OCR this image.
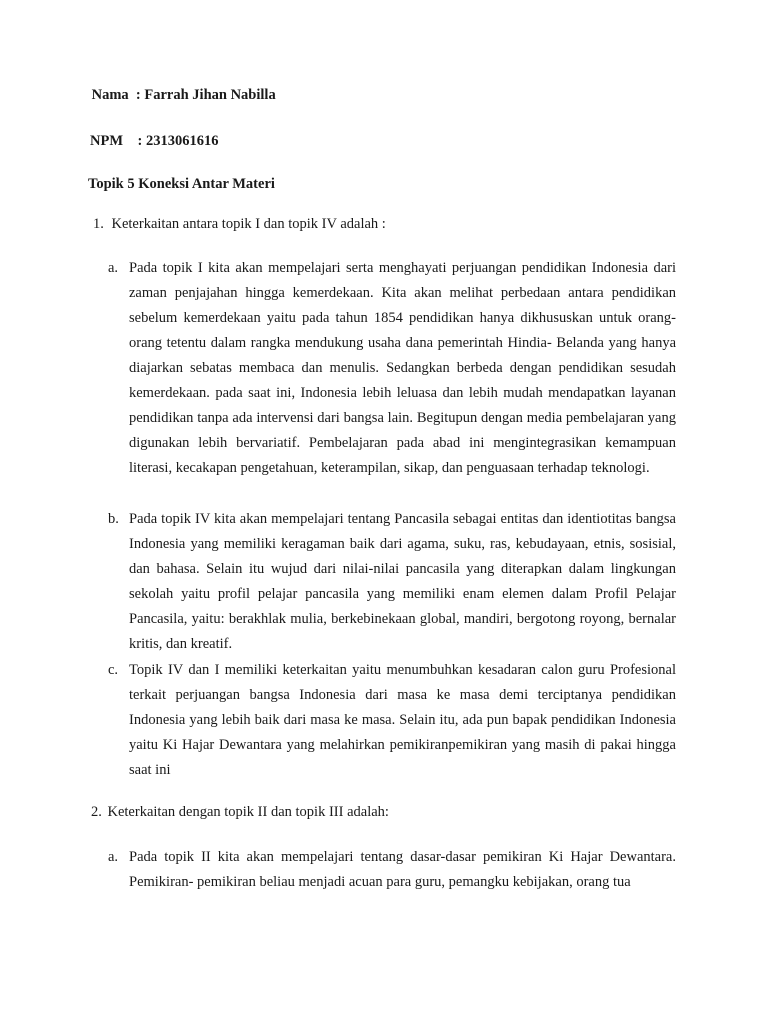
Nama  : Farrah Jihan Nabilla
NPM    : 2313061616
Topik 5 Koneksi Antar Materi
1. Keterkaitan antara topik I dan topik IV adalah :
a. Pada topik I kita akan mempelajari serta menghayati perjuangan pendidikan Indonesia dari zaman penjajahan hingga kemerdekaan. Kita akan melihat perbedaan antara pendidikan sebelum kemerdekaan yaitu pada tahun 1854 pendidikan hanya dikhususkan untuk orang-orang tetentu dalam rangka mendukung usaha dana pemerintah Hindia- Belanda yang hanya diajarkan sebatas membaca dan menulis. Sedangkan berbeda dengan pendidikan sesudah kemerdekaan. pada saat ini, Indonesia lebih leluasa dan lebih mudah mendapatkan layanan pendidikan tanpa ada intervensi dari bangsa lain. Begitupun dengan media pembelajaran yang digunakan lebih bervariatif. Pembelajaran pada abad ini mengintegrasikan kemampuan literasi, kecakapan pengetahuan, keterampilan, sikap, dan penguasaan terhadap teknologi.
b. Pada topik IV kita akan mempelajari tentang Pancasila sebagai entitas dan identiotitas bangsa Indonesia yang memiliki keragaman baik dari agama, suku, ras, kebudayaan, etnis, sosisial, dan bahasa. Selain itu wujud dari nilai-nilai pancasila yang diterapkan dalam lingkungan sekolah yaitu profil pelajar pancasila yang memiliki enam elemen dalam Profil Pelajar Pancasila, yaitu: berakhlak mulia, berkebinekaan global, mandiri, bergotong royong, bernalar kritis, dan kreatif.
c. Topik IV dan I memiliki keterkaitan yaitu menumbuhkan kesadaran calon guru Profesional terkait perjuangan bangsa Indonesia dari masa ke masa demi terciptanya pendidikan Indonesia yang lebih baik dari masa ke masa. Selain itu, ada pun bapak pendidikan Indonesia yaitu Ki Hajar Dewantara yang melahirkan pemikiranpemikiran yang masih di pakai hingga saat ini
2. Keterkaitan dengan topik II dan topik III adalah:
a. Pada topik II kita akan mempelajari tentang dasar-dasar pemikiran Ki Hajar Dewantara. Pemikiran- pemikiran beliau menjadi acuan para guru, pemangku kebijakan, orang tua
